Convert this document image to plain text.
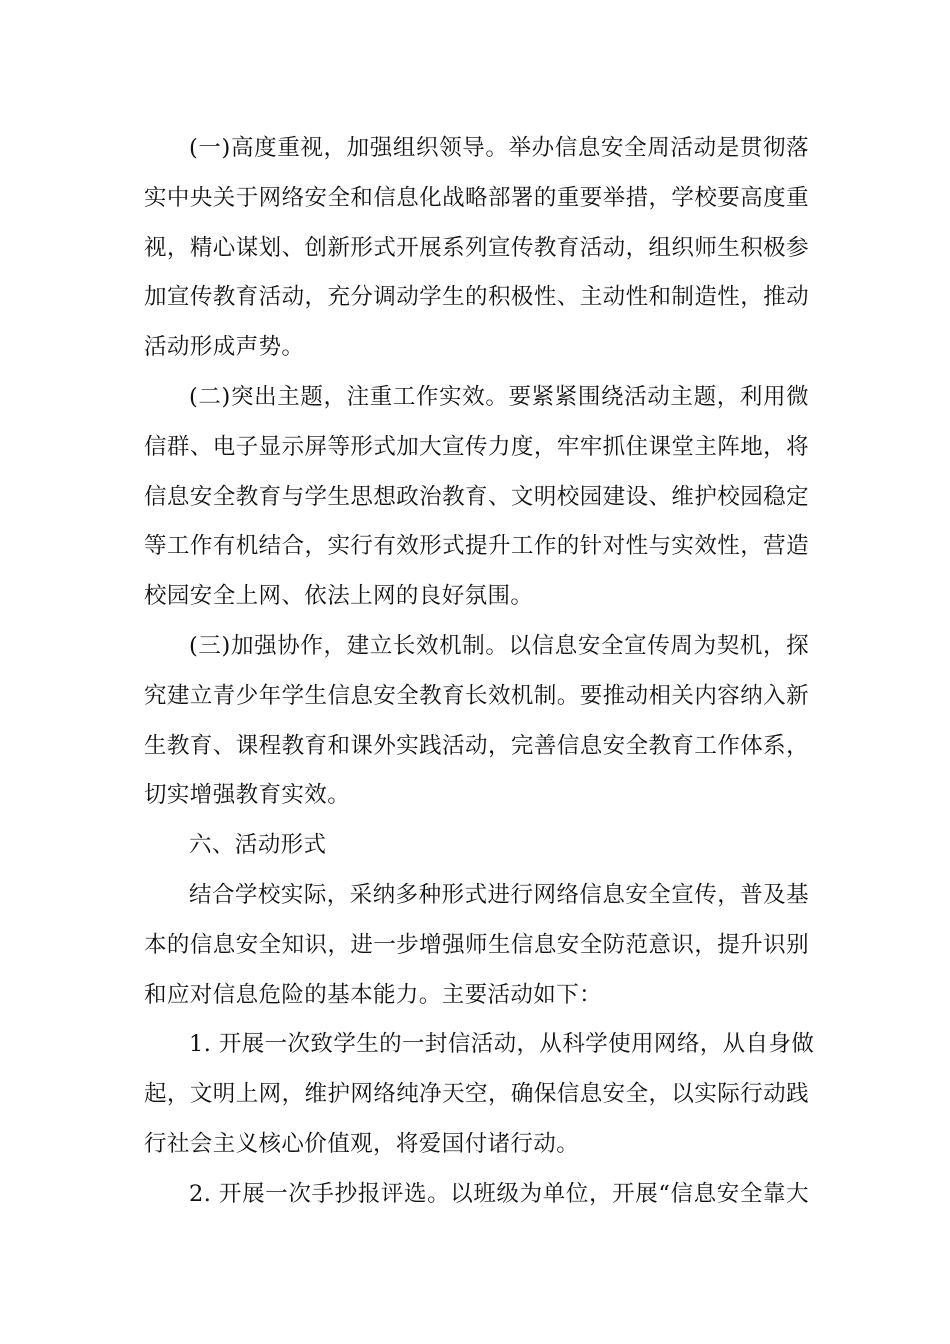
(一)高度重视，加强组织领导。举办信息安全周活动是贯彻落
实中央关于网络安全和信息化战略部署的重要举措，学校要高度重
视，精心谋划、创新形式开展系列宣传教育活动，组织师生积极参
加宣传教育活动，充分调动学生的积极性、主动性和制造性，推动
活动形成声势。
(二)突出主题，注重工作实效。要紧紧围绕活动主题，利用微
信群、电子显示屏等形式加大宣传力度，牢牢抓住课堂主阵地，将
信息安全教育与学生思想政治教育、文明校园建设、维护校园稳定
等工作有机结合，实行有效形式提升工作的针对性与实效性，营造
校园安全上网、依法上网的良好氛围。
(三)加强协作，建立长效机制。以信息安全宣传周为契机，探
究建立青少年学生信息安全教育长效机制。要推动相关内容纳入新
生教育、课程教育和课外实践活动，完善信息安全教育工作体系，
切实增强教育实效。
六、活动形式
结合学校实际，采纳多种形式进行网络信息安全宣传，普及基
本的信息安全知识，进一步增强师生信息安全防范意识，提升识别
和应对信息危险的基本能力。主要活动如下：
1. 开展一次致学生的一封信活动，从科学使用网络，从自身做
起，文明上网，维护网络纯净天空，确保信息安全，以实际行动践
行社会主义核心价值观，将爱国付诸行动。
2. 开展一次手抄报评选。以班级为单位，开展“信息安全靠大
